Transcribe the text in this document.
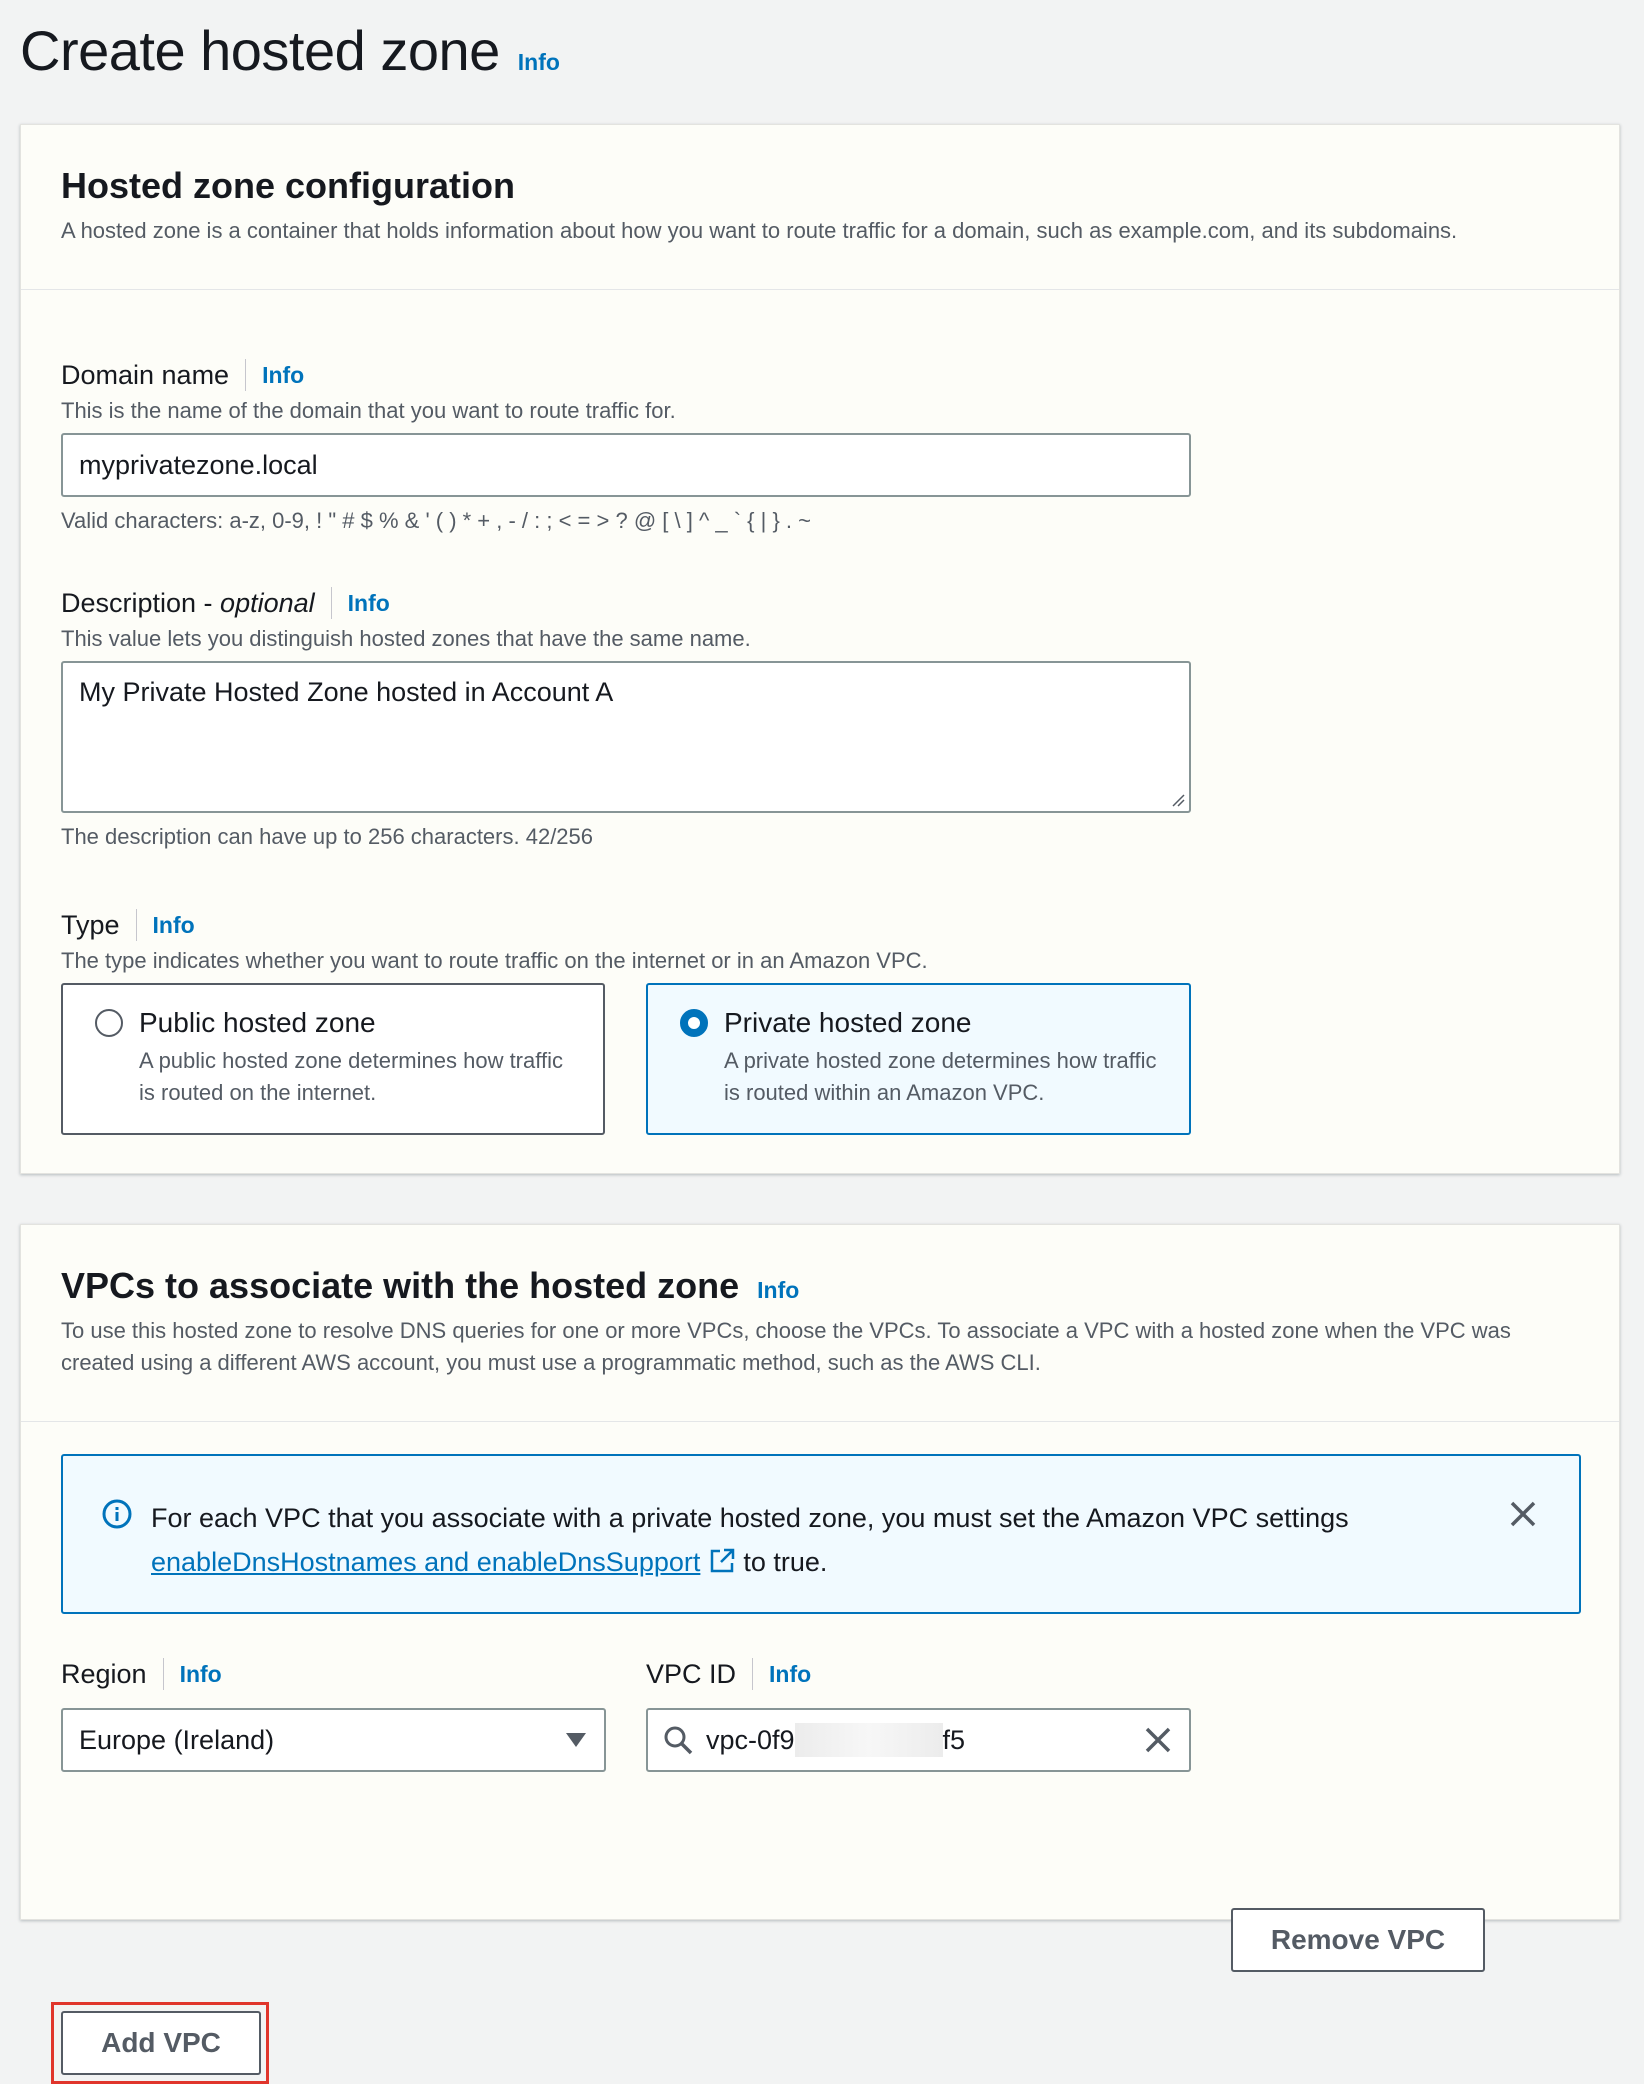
Create hosted zone Info
Hosted zone configuration

A hosted zone is a container that holds information about how you want to route traffic for a domain, such as example.com, and its subdomains.

Domain name Info
This is the name of the domain that you want to route traffic for.
myprivatezone.local
Valid characters: a-z, 0-9, ! " # $ % & ' ( ) * + , - / : ; < = > ? @ [ \ ] ^ _ ` { | } . ~
Description - optional Info
This value lets you distinguish hosted zones that have the same name.
My Private Hosted Zone hosted in Account A
The description can have up to 256 characters. 42/256
Type Info
The type indicates whether you want to route traffic on the internet or in an Amazon VPC.
Public hosted zone
A public hosted zone determines how traffic is routed on the internet.
Private hosted zone
A private hosted zone determines how traffic is routed within an Amazon VPC.
VPCs to associate with the hosted zone Info

To use this hosted zone to resolve DNS queries for one or more VPCs, choose the VPCs. To associate a VPC with a hosted zone when the VPC was created using a different AWS account, you must use a programmatic method, such as the AWS CLI.

For each VPC that you associate with a private hosted zone, you must set the Amazon VPC settings
enableDnsHostnames and enableDnsSupport  to true.
Region Info
Europe (Ireland)
VPC ID Info
vpc-0f9	f5
Remove VPC
Add VPC
